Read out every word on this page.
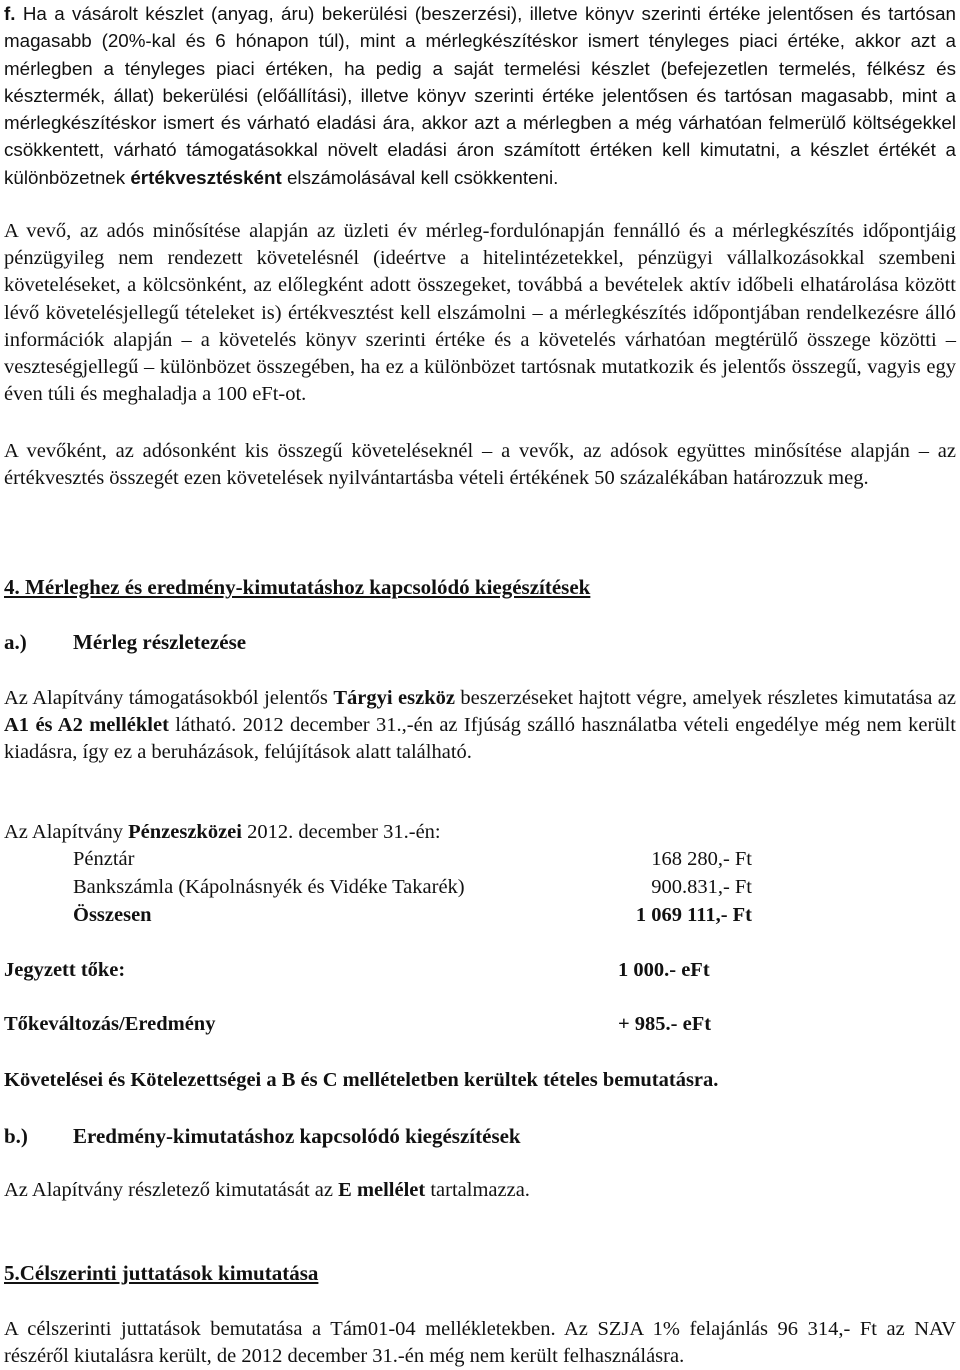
f. Ha a vásárolt készlet (anyag, áru) bekerülési (beszerzési), illetve könyv szerinti értéke jelentősen és tartósan magasabb (20%-kal és 6 hónapon túl), mint a mérlegkészítéskor ismert tényleges piaci értéke, akkor azt a mérlegben a tényleges piaci értéken, ha pedig a saját termelési készlet (befejezetlen termelés, félkész és késztermék, állat) bekerülési (előállítási), illetve könyv szerinti értéke jelentősen és tartósan magasabb, mint a mérlegkészítéskor ismert és várható eladási ára, akkor azt a mérlegben a még várhatóan felmerülő költségekkel csökkentett, várható támogatásokkal növelt eladási áron számított értéken kell kimutatni, a készlet értékét a különbözetnek értékvesztésként elszámolásával kell csökkenteni.

A vevő, az adós minősítése alapján az üzleti év mérleg-fordulónapján fennálló és a mérlegkészítés időpontjáig pénzügyileg nem rendezett követelésnél (ideértve a hitelintézetekkel, pénzügyi vállalkozásokkal szembeni követeléseket, a kölcsönként, az előlegként adott összegeket, továbbá a bevételek aktív időbeli elhatárolása között lévő követelésjellegű tételeket is) értékvesztést kell elszámolni – a mérlegkészítés időpontjában rendelkezésre álló információk alapján – a követelés könyv szerinti értéke és a követelés várhatóan megtérülő összege közötti – veszteségjellegű – különbözet összegében, ha ez a különbözet tartósnak mutatkozik és jelentős összegű, vagyis egy éven túli és meghaladja a 100 eFt-ot.

A vevőként, az adósonként kis összegű követeléseknél – a vevők, az adósok együttes minősítése alapján – az értékvesztés összegét ezen követelések nyilvántartásba vételi értékének 50 százalékában határozzuk meg.

4. Mérleghez és eredmény-kimutatáshoz kapcsolódó kiegészítések

a.) Mérleg részletezése

Az Alapítvány támogatásokból jelentős Tárgyi eszköz beszerzéseket hajtott végre, amelyek részletes kimutatása az A1 és A2 melléklet látható. 2012 december 31.,-én az Ifjúság szálló használatba vételi engedélye még nem került kiadásra, így ez a beruházások, felújítások alatt található.

Az Alapítvány Pénzeszközei 2012. december 31.-én:
Pénztár	168 280,- Ft
Bankszámla (Kápolnásnyék és Vidéke Takarék)	900.831,- Ft
Összesen	1 069 111,- Ft
Jegyzett tőke:	1 000.- eFt
Tőkeváltozás/Eredmény	+ 985.- eFt
Követelései és Kötelezettségei a B és C mellételetben kerültek tételes bemutatásra.
b.) Eredmény-kimutatáshoz kapcsolódó kiegészítések
Az Alapítvány részletező kimutatását az E mellélet tartalmazza.

5.Célszerinti juttatások kimutatása

A célszerinti juttatások bemutatása a Tám01-04 mellékletekben. Az SZJA 1% felajánlás 96 314,- Ft az NAV részéről kiutalásra került, de 2012 december 31.-én még nem került felhasználásra.
